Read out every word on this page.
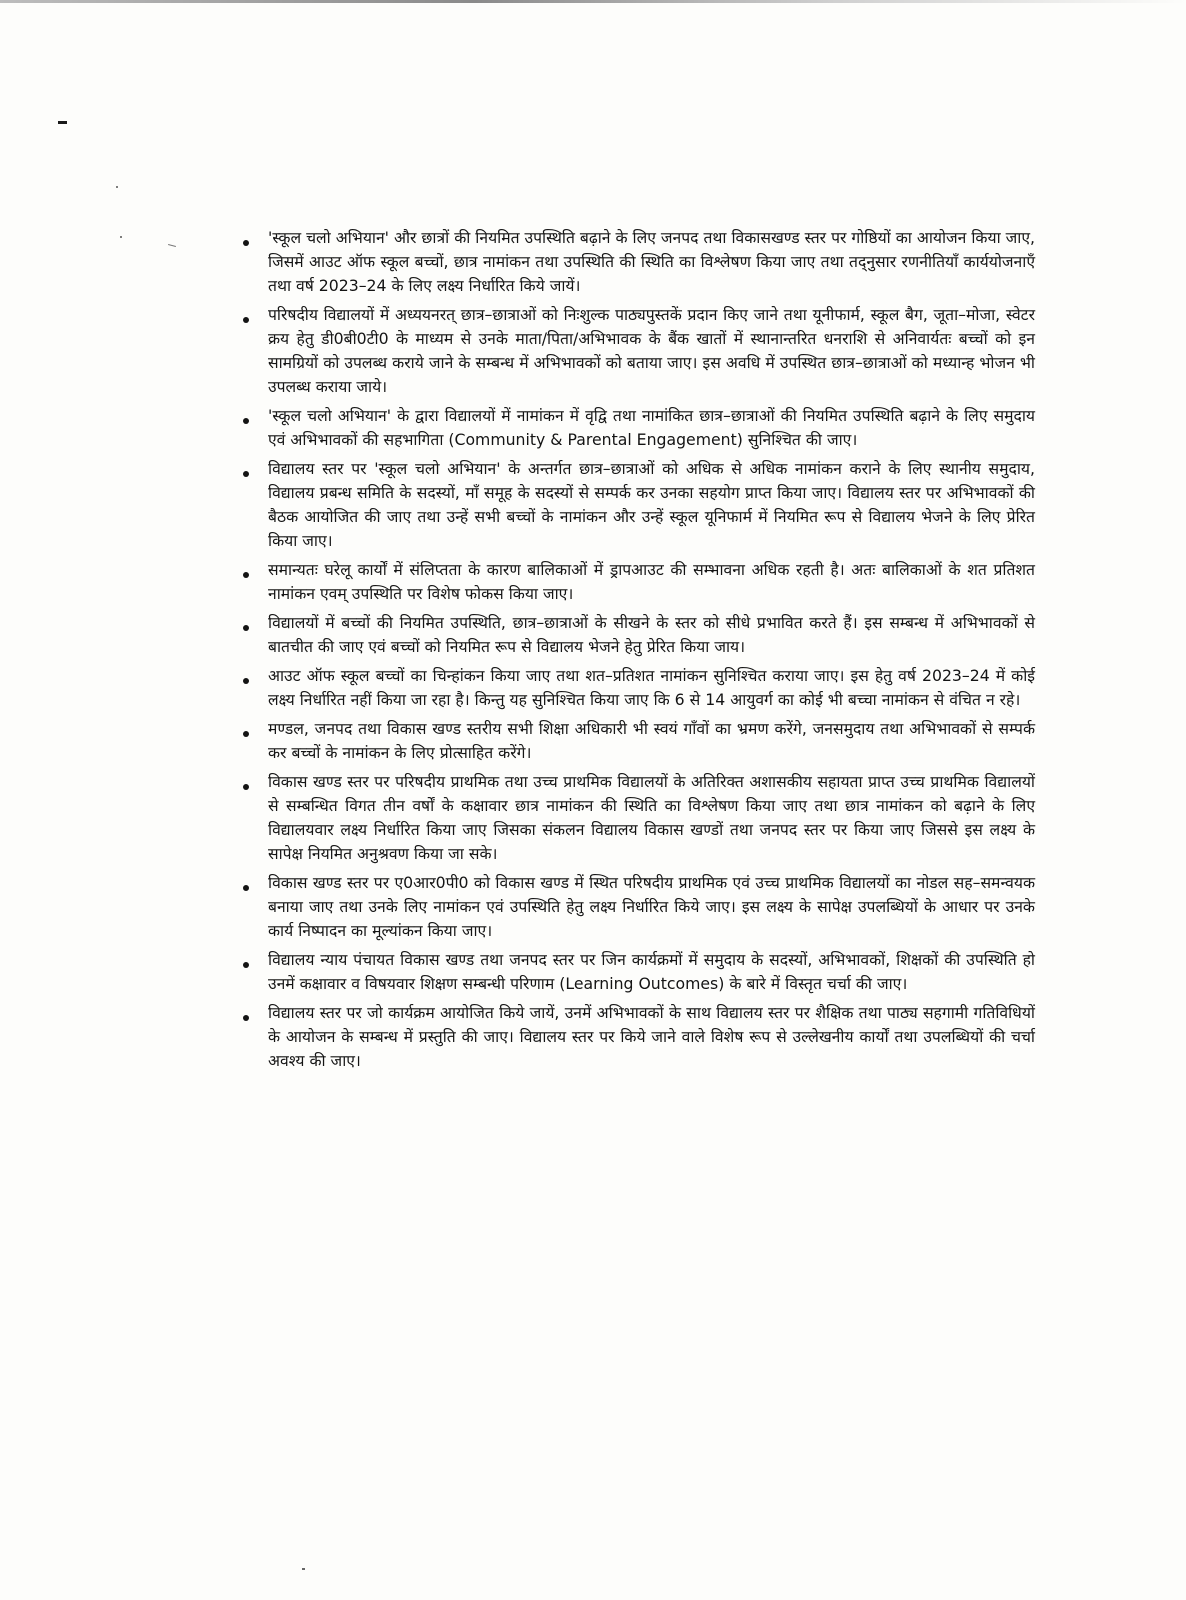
'स्कूल चलो अभियान' और छात्रों की नियमित उपस्थिति बढ़ाने के लिए जनपद तथा विकासखण्ड स्तर पर गोष्ठियों का आयोजन किया जाए, जिसमें आउट ऑफ स्कूल बच्चों, छात्र नामांकन तथा उपस्थिति की स्थिति का विश्लेषण किया जाए तथा तद्नुसार रणनीतियाँ कार्ययोजनाएँ तथा वर्ष 2023–24 के लिए लक्ष्य निर्धारित किये जायें।
परिषदीय विद्यालयों में अध्ययनरत् छात्र–छात्राओं को निःशुल्क पाठ्यपुस्तकें प्रदान किए जाने तथा यूनीफार्म, स्कूल बैग, जूता–मोजा, स्वेटर क्रय हेतु डी0बी0टी0 के माध्यम से उनके माता/पिता/अभिभावक के बैंक खातों में स्थानान्तरित धनराशि से अनिवार्यतः बच्चों को इन सामग्रियों को उपलब्ध कराये जाने के सम्बन्ध में अभिभावकों को बताया जाए। इस अवधि में उपस्थित छात्र–छात्राओं को मध्यान्ह भोजन भी उपलब्ध कराया जाये।
'स्कूल चलो अभियान' के द्वारा विद्यालयों में नामांकन में वृद्वि तथा नामांकित छात्र–छात्राओं की नियमित उपस्थिति बढ़ाने के लिए समुदाय एवं अभिभावकों की सहभागिता (Community & Parental Engagement) सुनिश्चित की जाए।
विद्यालय स्तर पर 'स्कूल चलो अभियान' के अन्तर्गत छात्र–छात्राओं को अधिक से अधिक नामांकन कराने के लिए स्थानीय समुदाय, विद्यालय प्रबन्ध समिति के सदस्यों, माँ समूह के सदस्यों से सम्पर्क कर उनका सहयोग प्राप्त किया जाए। विद्यालय स्तर पर अभिभावकों की बैठक आयोजित की जाए तथा उन्हें सभी बच्चों के नामांकन और उन्हें स्कूल यूनिफार्म में नियमित रूप से विद्यालय भेजने के लिए प्रेरित किया जाए।
समान्यतः घरेलू कार्यों में संलिप्तता के कारण बालिकाओं में ड्रापआउट की सम्भावना अधिक रहती है। अतः बालिकाओं के शत प्रतिशत नामांकन एवम् उपस्थिति पर विशेष फोकस किया जाए।
विद्यालयों में बच्चों की नियमित उपस्थिति, छात्र–छात्राओं के सीखने के स्तर को सीधे प्रभावित करते हैं। इस सम्बन्ध में अभिभावकों से बातचीत की जाए एवं बच्चों को नियमित रूप से विद्यालय भेजने हेतु प्रेरित किया जाय।
आउट ऑफ स्कूल बच्चों का चिन्हांकन किया जाए तथा शत–प्रतिशत नामांकन सुनिश्चित कराया जाए। इस हेतु वर्ष 2023–24 में कोई लक्ष्य निर्धारित नहीं किया जा रहा है। किन्तु यह सुनिश्चित किया जाए कि 6 से 14 आयुवर्ग का कोई भी बच्चा नामांकन से वंचित न रहे।
मण्डल, जनपद तथा विकास खण्ड स्तरीय सभी शिक्षा अधिकारी भी स्वयं गाँवों का भ्रमण करेंगे, जनसमुदाय तथा अभिभावकों से सम्पर्क कर बच्चों के नामांकन के लिए प्रोत्साहित करेंगे।
विकास खण्ड स्तर पर परिषदीय प्राथमिक तथा उच्च प्राथमिक विद्यालयों के अतिरिक्त अशासकीय सहायता प्राप्त उच्च प्राथमिक विद्यालयों से सम्बन्धित विगत तीन वर्षों के कक्षावार छात्र नामांकन की स्थिति का विश्लेषण किया जाए तथा छात्र नामांकन को बढ़ाने के लिए विद्यालयवार लक्ष्य निर्धारित किया जाए जिसका संकलन विद्यालय विकास खण्डों तथा जनपद स्तर पर किया जाए जिससे इस लक्ष्य के सापेक्ष नियमित अनुश्रवण किया जा सके।
विकास खण्ड स्तर पर ए0आर0पी0 को विकास खण्ड में स्थित परिषदीय प्राथमिक एवं उच्च प्राथमिक विद्यालयों का नोडल सह–समन्वयक बनाया जाए तथा उनके लिए नामांकन एवं उपस्थिति हेतु लक्ष्य निर्धारित किये जाए। इस लक्ष्य के सापेक्ष उपलब्धियों के आधार पर उनके कार्य निष्पादन का मूल्यांकन किया जाए।
विद्यालय न्याय पंचायत विकास खण्ड तथा जनपद स्तर पर जिन कार्यक्रमों में समुदाय के सदस्यों, अभिभावकों, शिक्षकों की उपस्थिति हो उनमें कक्षावार व विषयवार शिक्षण सम्बन्धी परिणाम (Learning Outcomes) के बारे में विस्तृत चर्चा की जाए।
विद्यालय स्तर पर जो कार्यक्रम आयोजित किये जायें, उनमें अभिभावकों के साथ विद्यालय स्तर पर शैक्षिक तथा पाठ्य सहगामी गतिविधियों के आयोजन के सम्बन्ध में प्रस्तुति की जाए। विद्यालय स्तर पर किये जाने वाले विशेष रूप से उल्लेखनीय कार्यों तथा उपलब्धियों की चर्चा अवश्य की जाए।
